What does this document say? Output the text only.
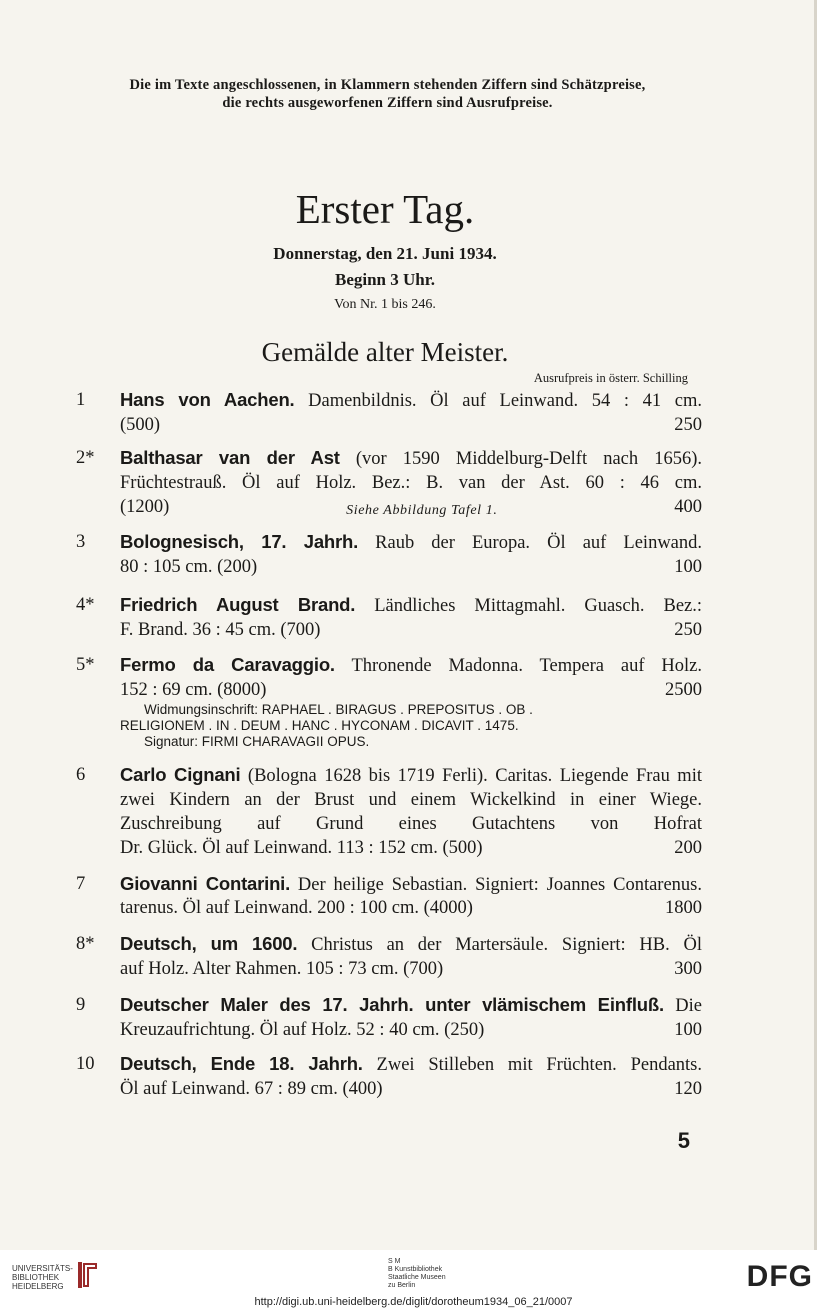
Die im Texte angeschlossenen, in Klammern stehenden Ziffern sind Schätzpreise,
die rechts ausgeworfenen Ziffern sind Ausrufpreise.
Erster Tag.
Donnerstag, den 21. Juni 1934.
Beginn 3 Uhr.
Von Nr. 1 bis 246.
Gemälde alter Meister.
Ausrufpreis in österr. Schilling
1	Hans von Aachen. Damenbildnis. Öl auf Leinwand. 54 : 41 cm.
(500)	250
2*	Balthasar van der Ast (vor 1590 Middelburg-Delft nach 1656). Früchtestrauß. Öl auf Holz. Bez.: B. van der Ast. 60 : 46 cm.
(1200)	Siehe Abbildung Tafel 1.	400
3	Bolognesisch, 17. Jahrh. Raub der Europa. Öl auf Leinwand.
80 : 105 cm. (200)	100
4*	Friedrich August Brand. Ländliches Mittagmahl. Guasch. Bez.:
F. Brand. 36 : 45 cm. (700)	250
5*	Fermo da Caravaggio. Thronende Madonna. Tempera auf Holz.
152 : 69 cm. (8000)	2500
Widmungsinschrift: RAPHAEL . BIRAGUS . PREPOSITUS . OB .
RELIGIONEM . IN . DEUM . HANC . HYCONAM . DICAVIT . 1475.
Signatur: FIRMI CHARAVAGII OPUS.
6	Carlo Cignani (Bologna 1628 bis 1719 Ferli). Caritas. Liegende Frau mit zwei Kindern an der Brust und einem Wickelkind in einer Wiege. Zuschreibung auf Grund eines Gutachtens von Hofrat
Dr. Glück. Öl auf Leinwand. 113 : 152 cm. (500)	200
7	Giovanni Contarini. Der heilige Sebastian. Signiert: Joannes Contarenus.
tarenus. Öl auf Leinwand. 200 : 100 cm. (4000)	1800
8*	Deutsch, um 1600. Christus an der Martersäule. Signiert: HB. Öl
auf Holz. Alter Rahmen. 105 : 73 cm. (700)	300
9	Deutscher Maler des 17. Jahrh. unter vlämischem Einfluß. Die
Kreuzaufrichtung. Öl auf Holz. 52 : 40 cm. (250)	100
10	Deutsch, Ende 18. Jahrh. Zwei Stilleben mit Früchten. Pendants.
Öl auf Leinwand. 67 : 89 cm. (400)	120
5
UNIVERSITÄTS-
BIBLIOTHEK
HEIDELBERG
S M
B Kunstbibliothek
Staatliche Museen
zu Berlin	DFG
http://digi.ub.uni-heidelberg.de/diglit/dorotheum1934_06_21/0007
